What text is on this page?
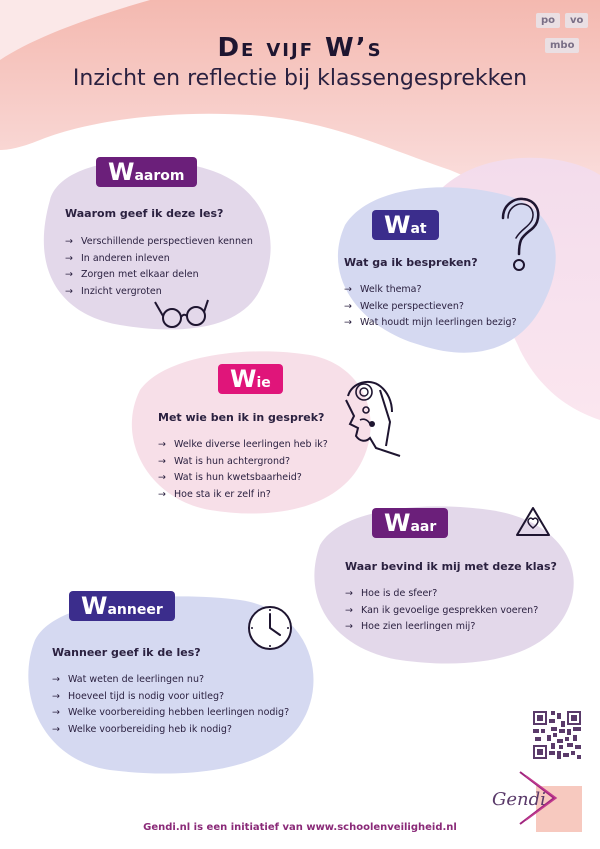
po	vo
mbo
De vijf W’s
Inzicht en reflectie bij klassengesprekken
Waarom
Waarom geef ik deze les?
→ Verschillende perspectieven kennen
→ In anderen inleven
→ Zorgen met elkaar delen
→ Inzicht vergroten
Wat
Wat ga ik bespreken?
→ Welk thema?
→ Welke perspectieven?
→ Wat houdt mijn leerlingen bezig?
Wie
Met wie ben ik in gesprek?
→ Welke diverse leerlingen heb ik?
→ Wat is hun achtergrond?
→ Wat is hun kwetsbaarheid?
→ Hoe sta ik er zelf in?
Waar
Waar bevind ik mij met deze klas?
→ Hoe is de sfeer?
→ Kan ik gevoelige gesprekken voeren?
→ Hoe zien leerlingen mij?
Wanneer
Wanneer geef ik de les?
→ Wat weten de leerlingen nu?
→ Hoeveel tijd is nodig voor uitleg?
→ Welke voorbereiding hebben leerlingen nodig?
→ Welke voorbereiding heb ik nodig?
Gendi
Gendi.nl is een initiatief van www.schoolenveiligheid.nl
